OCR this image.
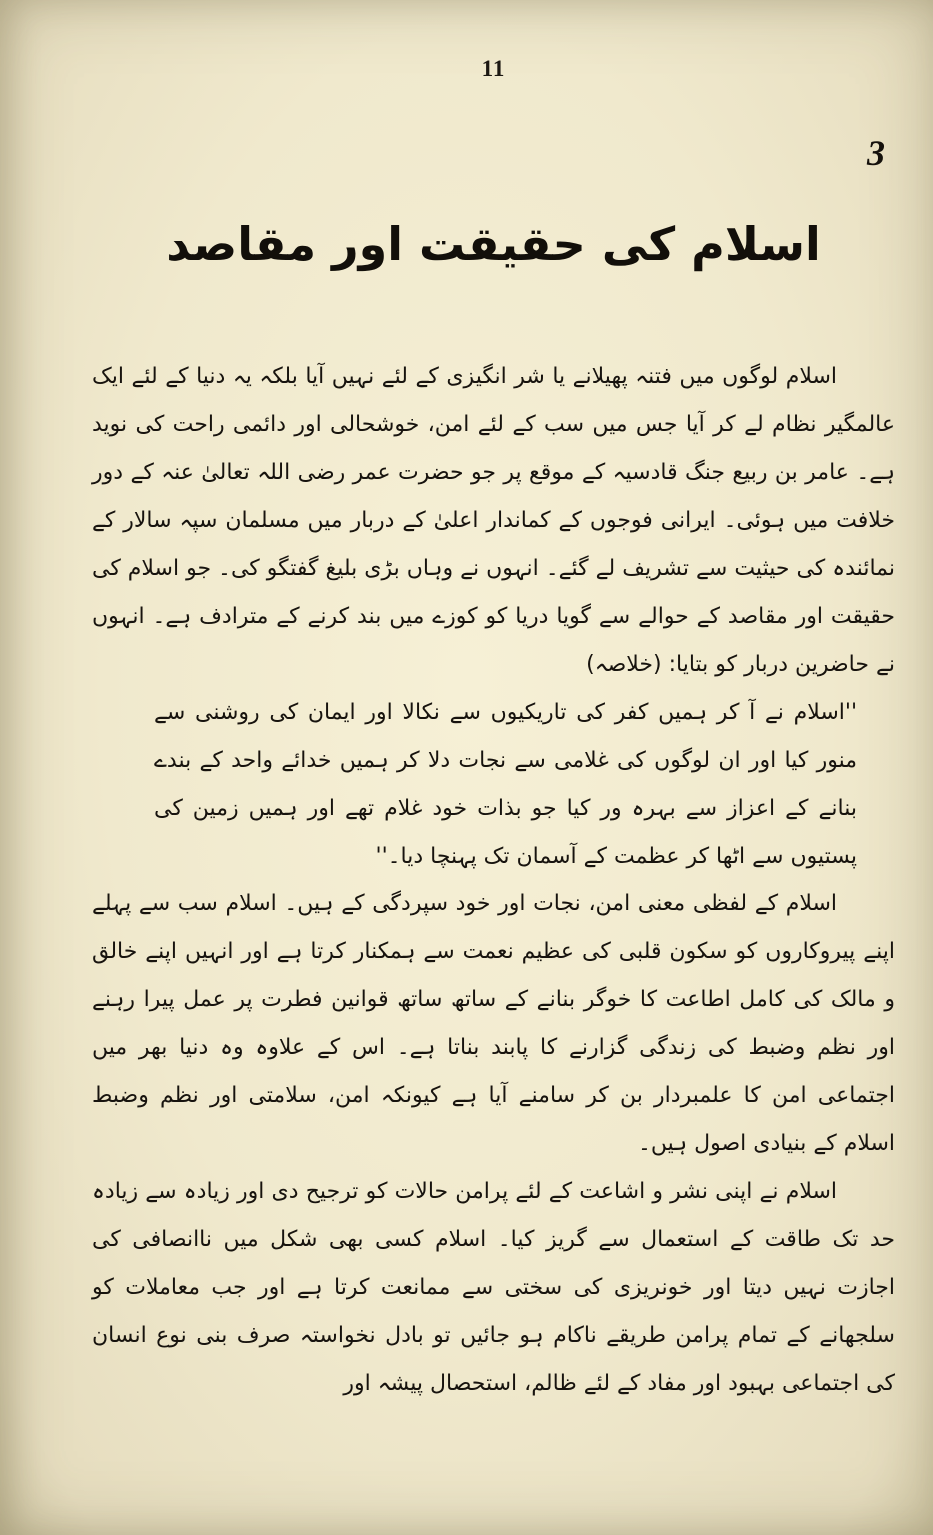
11
3
اسلام کی حقیقت اور مقاصد

اسلام لوگوں میں فتنہ پھیلانے یا شر انگیزی کے لئے نہیں آیا بلکہ یہ دنیا کے لئے ایک عالمگیر نظام لے کر آیا جس میں سب کے لئے امن، خوشحالی اور دائمی راحت کی نوید ہے۔ عامر بن ربیع جنگ قادسیہ کے موقع پر جو حضرت عمر رضی اللہ تعالیٰ عنہ کے دور خلافت میں ہوئی۔ ایرانی فوجوں کے کماندار اعلیٰ کے دربار میں مسلمان سپہ سالار کے نمائندہ کی حیثیت سے تشریف لے گئے۔ انہوں نے وہاں بڑی بلیغ گفتگو کی۔ جو اسلام کی حقیقت اور مقاصد کے حوالے سے گویا دریا کو کوزے میں بند کرنے کے مترادف ہے۔ انہوں نے حاضرین دربار کو بتایا: (خلاصہ)

''اسلام نے آ کر ہمیں کفر کی تاریکیوں سے نکالا اور ایمان کی روشنی سے منور کیا اور ان لوگوں کی غلامی سے نجات دلا کر ہمیں خدائے واحد کے بندے بنانے کے اعزاز سے بہرہ ور کیا جو بذات خود غلام تھے اور ہمیں زمین کی پستیوں سے اٹھا کر عظمت کے آسمان تک پہنچا دیا۔''

اسلام کے لفظی معنی امن، نجات اور خود سپردگی کے ہیں۔ اسلام سب سے پہلے اپنے پیروکاروں کو سکون قلبی کی عظیم نعمت سے ہمکنار کرتا ہے اور انہیں اپنے خالق و مالک کی کامل اطاعت کا خوگر بنانے کے ساتھ ساتھ قوانین فطرت پر عمل پیرا رہنے اور نظم وضبط کی زندگی گزارنے کا پابند بناتا ہے۔ اس کے علاوہ وہ دنیا بھر میں اجتماعی امن کا علمبردار بن کر سامنے آیا ہے کیونکہ امن، سلامتی اور نظم وضبط اسلام کے بنیادی اصول ہیں۔

اسلام نے اپنی نشر و اشاعت کے لئے پرامن حالات کو ترجیح دی اور زیادہ سے زیادہ حد تک طاقت کے استعمال سے گریز کیا۔ اسلام کسی بھی شکل میں ناانصافی کی اجازت نہیں دیتا اور خونریزی کی سختی سے ممانعت کرتا ہے اور جب معاملات کو سلجھانے کے تمام پرامن طریقے ناکام ہو جائیں تو بادل نخواستہ صرف بنی نوع انسان کی اجتماعی بہبود اور مفاد کے لئے ظالم، استحصال پیشہ اور
